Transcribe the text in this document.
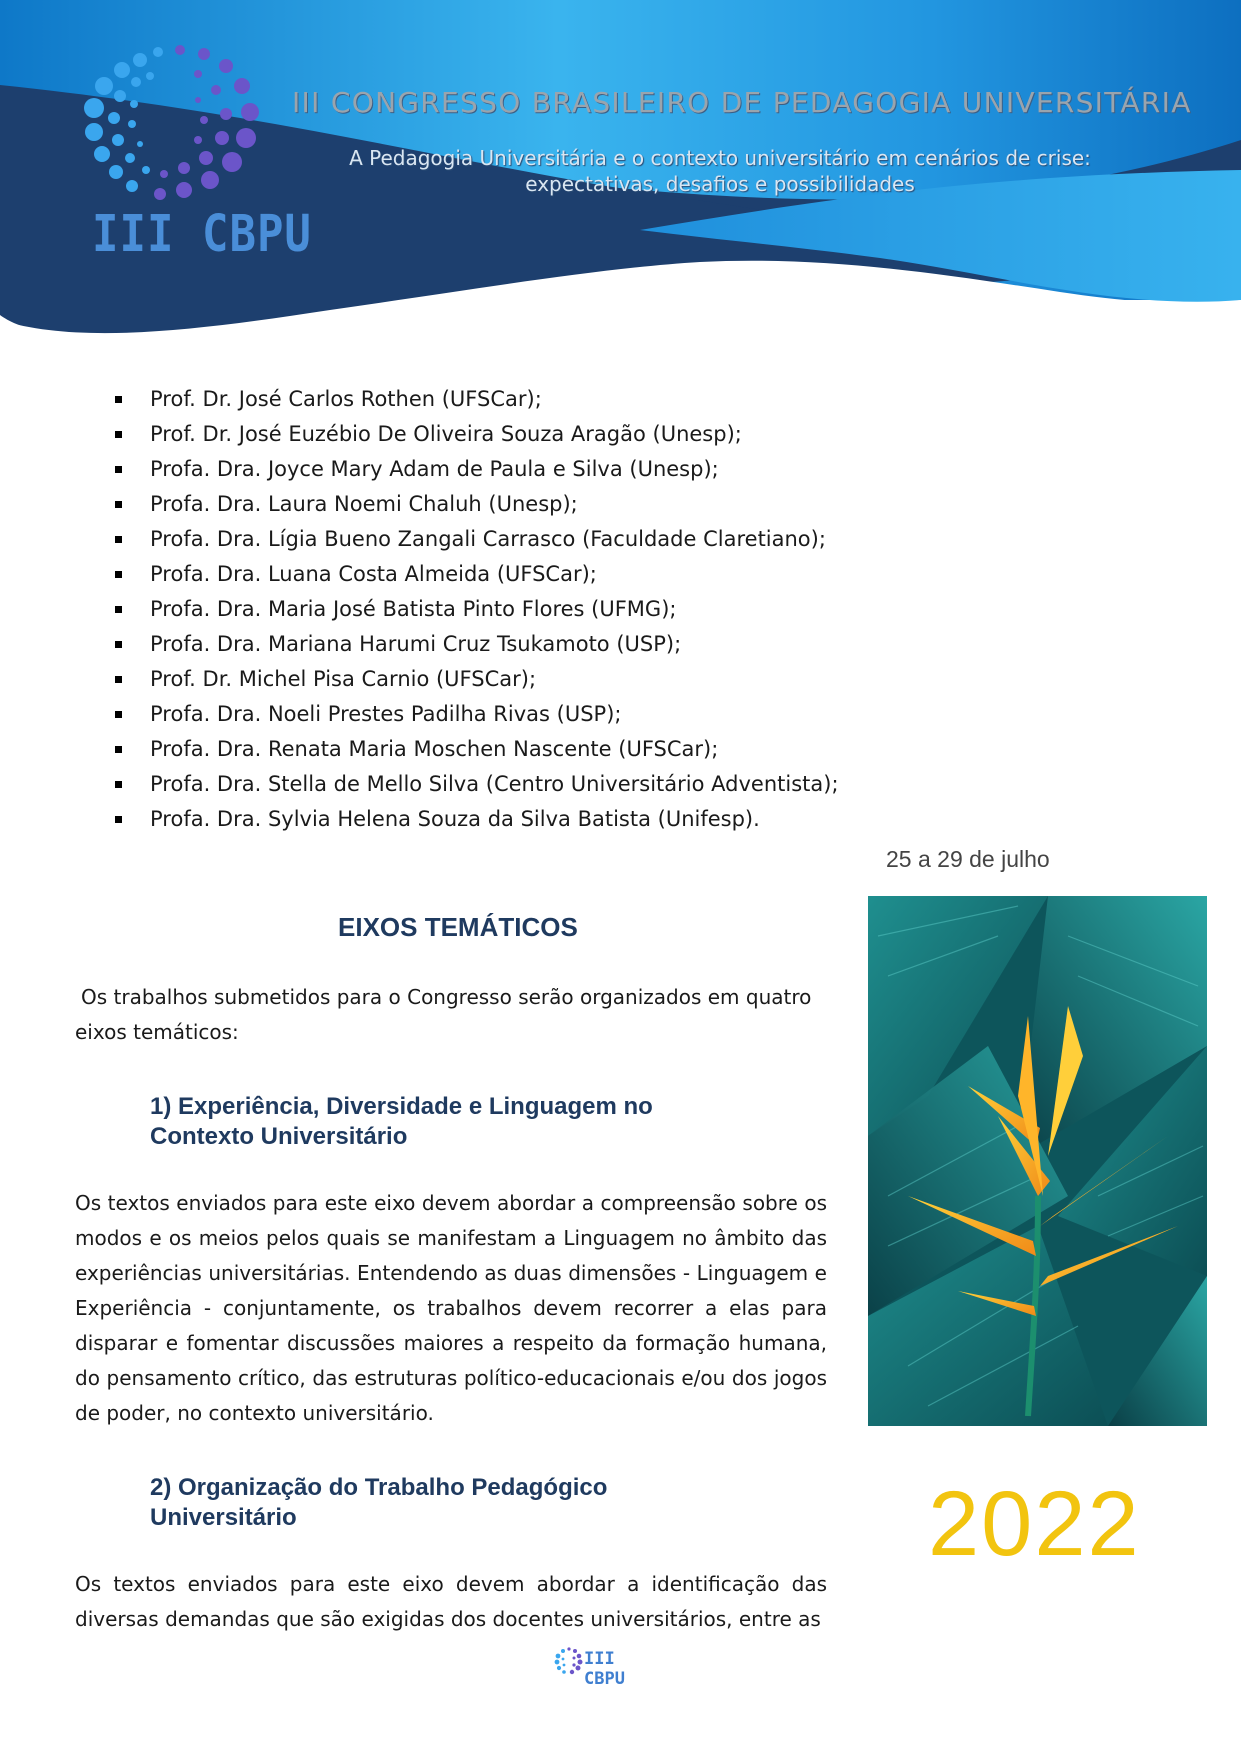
III CBPU
III CONGRESSO BRASILEIRO DE PEDAGOGIA UNIVERSITÁRIA
A Pedagogia Universitária e o contexto universitário em cenários de crise:
expectativas, desafios e possibilidades
Prof. Dr. José Carlos Rothen (UFSCar);
Prof. Dr. José Euzébio De Oliveira Souza Aragão (Unesp);
Profa. Dra. Joyce Mary Adam de Paula e Silva (Unesp);
Profa. Dra. Laura Noemi Chaluh (Unesp);
Profa. Dra. Lígia Bueno Zangali Carrasco (Faculdade Claretiano);
Profa. Dra. Luana Costa Almeida (UFSCar);
Profa. Dra. Maria José Batista Pinto Flores (UFMG);
Profa. Dra. Mariana Harumi Cruz Tsukamoto (USP);
Prof. Dr. Michel Pisa Carnio (UFSCar);
Profa. Dra. Noeli Prestes Padilha Rivas (USP);
Profa. Dra. Renata Maria Moschen Nascente (UFSCar);
Profa. Dra. Stella de Mello Silva (Centro Universitário Adventista);
Profa. Dra. Sylvia Helena Souza da Silva Batista (Unifesp).
25 a 29 de julho
2022
EIXOS TEMÁTICOS

Os trabalhos submetidos para o Congresso serão organizados em quatro eixos temáticos:

1) Experiência, Diversidade e Linguagem no
Contexto Universitário

Os textos enviados para este eixo devem abordar a compreensão sobre os modos e os meios pelos quais se manifestam a Linguagem no âmbito das experiências universitárias. Entendendo as duas dimensões - Linguagem e Experiência - conjuntamente, os trabalhos devem recorrer a elas para disparar e fomentar discussões maiores a respeito da formação humana, do pensamento crítico, das estruturas político-educacionais e/ou dos jogos de poder, no contexto universitário.

2) Organização do Trabalho Pedagógico
Universitário

Os textos enviados para este eixo devem abordar a identificação das diversas demandas que são exigidas dos docentes universitários, entre as

III CBPU
